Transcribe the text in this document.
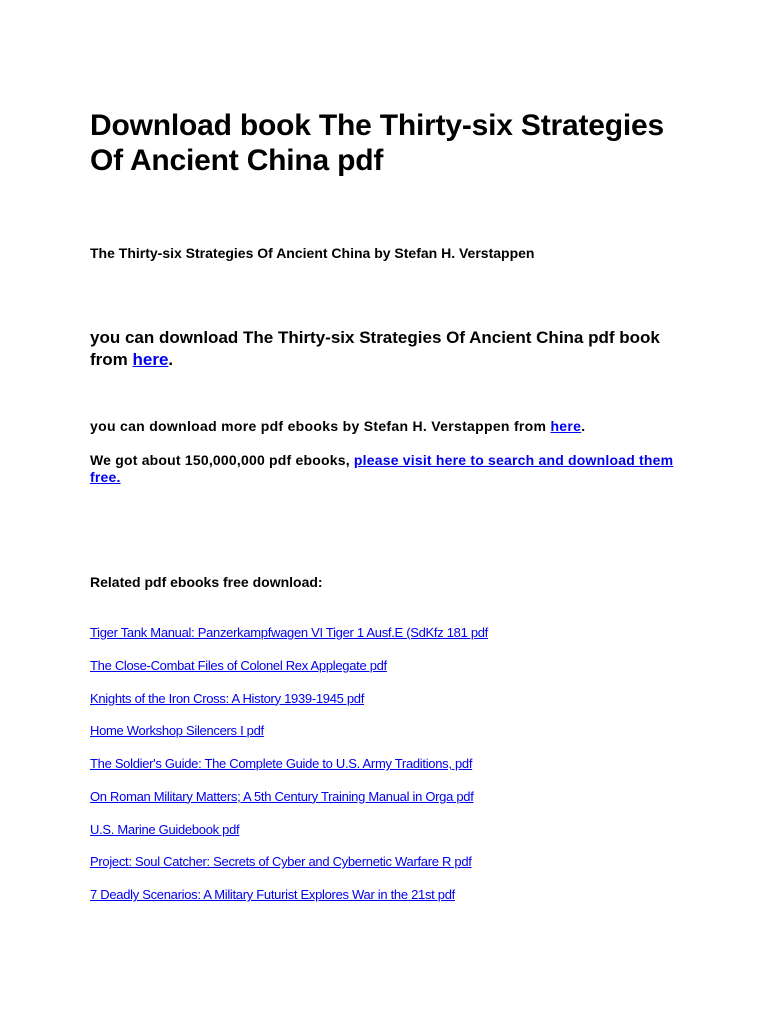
Download book The Thirty-six Strategies Of Ancient China pdf

The Thirty-six Strategies Of Ancient China by Stefan H. Verstappen

you can download The Thirty-six Strategies Of Ancient China pdf book from here.

you can download more pdf ebooks by Stefan H. Verstappen from here.

We got about 150,000,000 pdf ebooks, please visit here to search and download them free.

Related pdf ebooks free download:

Tiger Tank Manual: Panzerkampfwagen VI Tiger 1 Ausf.E (SdKfz 181 pdf
The Close-Combat Files of Colonel Rex Applegate pdf
Knights of the Iron Cross: A History 1939-1945 pdf
Home Workshop Silencers I pdf
The Soldier's Guide: The Complete Guide to U.S. Army Traditions, pdf
On Roman Military Matters; A 5th Century Training Manual in Orga pdf
U.S. Marine Guidebook pdf
Project: Soul Catcher: Secrets of Cyber and Cybernetic Warfare R pdf
7 Deadly Scenarios: A Military Futurist Explores War in the 21st pdf
